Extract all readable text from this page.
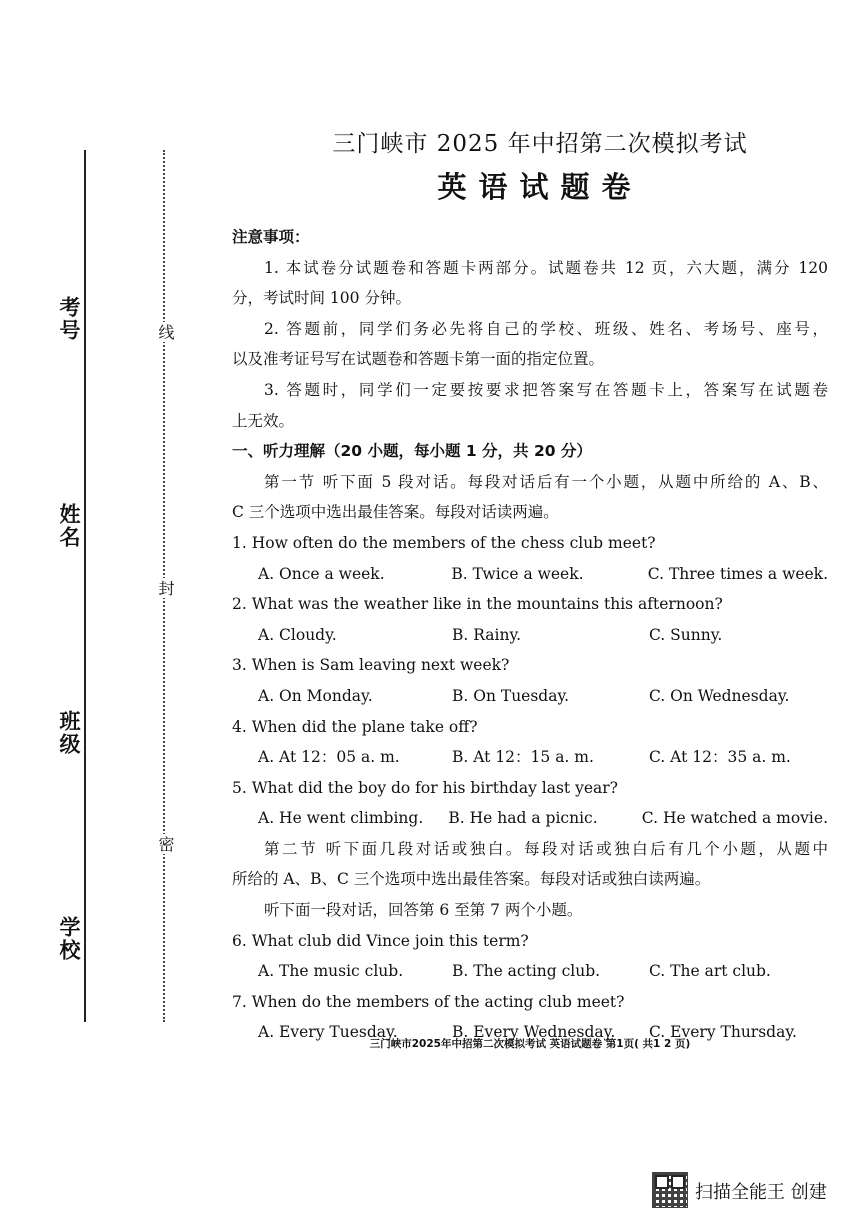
考号
姓名
班级
学校
线
封
密
三门峡市 2025 年中招第二次模拟考试
英语试题卷
注意事项：
1. 本试卷分试题卷和答题卡两部分。试题卷共 12 页，六大题，满分 120
分，考试时间 100 分钟。
2. 答题前，同学们务必先将自己的学校、班级、姓名、考场号、座号，
以及准考证号写在试题卷和答题卡第一面的指定位置。
3. 答题时，同学们一定要按要求把答案写在答题卡上，答案写在试题卷
上无效。
一、听力理解（20 小题，每小题 1 分，共 20 分）
第一节 听下面 5 段对话。每段对话后有一个小题，从题中所给的 A、B、
C 三个选项中选出最佳答案。每段对话读两遍。
1. How often do the members of the chess club meet?
A. Once a week.	B. Twice a week.	C. Three times a week.
2. What was the weather like in the mountains this afternoon?
A. Cloudy.	B. Rainy.	C. Sunny.
3. When is Sam leaving next week?
A. On Monday.	B. On Tuesday.	C. On Wednesday.
4. When did the plane take off?
A. At 12：05 a. m.	B. At 12：15 a. m.	C. At 12：35 a. m.
5. What did the boy do for his birthday last year?
A. He went climbing.	B. He had a picnic.	C. He watched a movie.
第二节 听下面几段对话或独白。每段对话或独白后有几个小题，从题中
所给的 A、B、C 三个选项中选出最佳答案。每段对话或独白读两遍。
听下面一段对话，回答第 6 至第 7 两个小题。
6. What club did Vince join this term?
A. The music club.	B. The acting club.	C. The art club.
7. When do the members of the acting club meet?
A. Every Tuesday.	B. Every Wednesday.	C. Every Thursday.
三门峡市2025年中招第二次模拟考试 英语试题卷 第1页( 共1 2 页)
扫描全能王 创建
